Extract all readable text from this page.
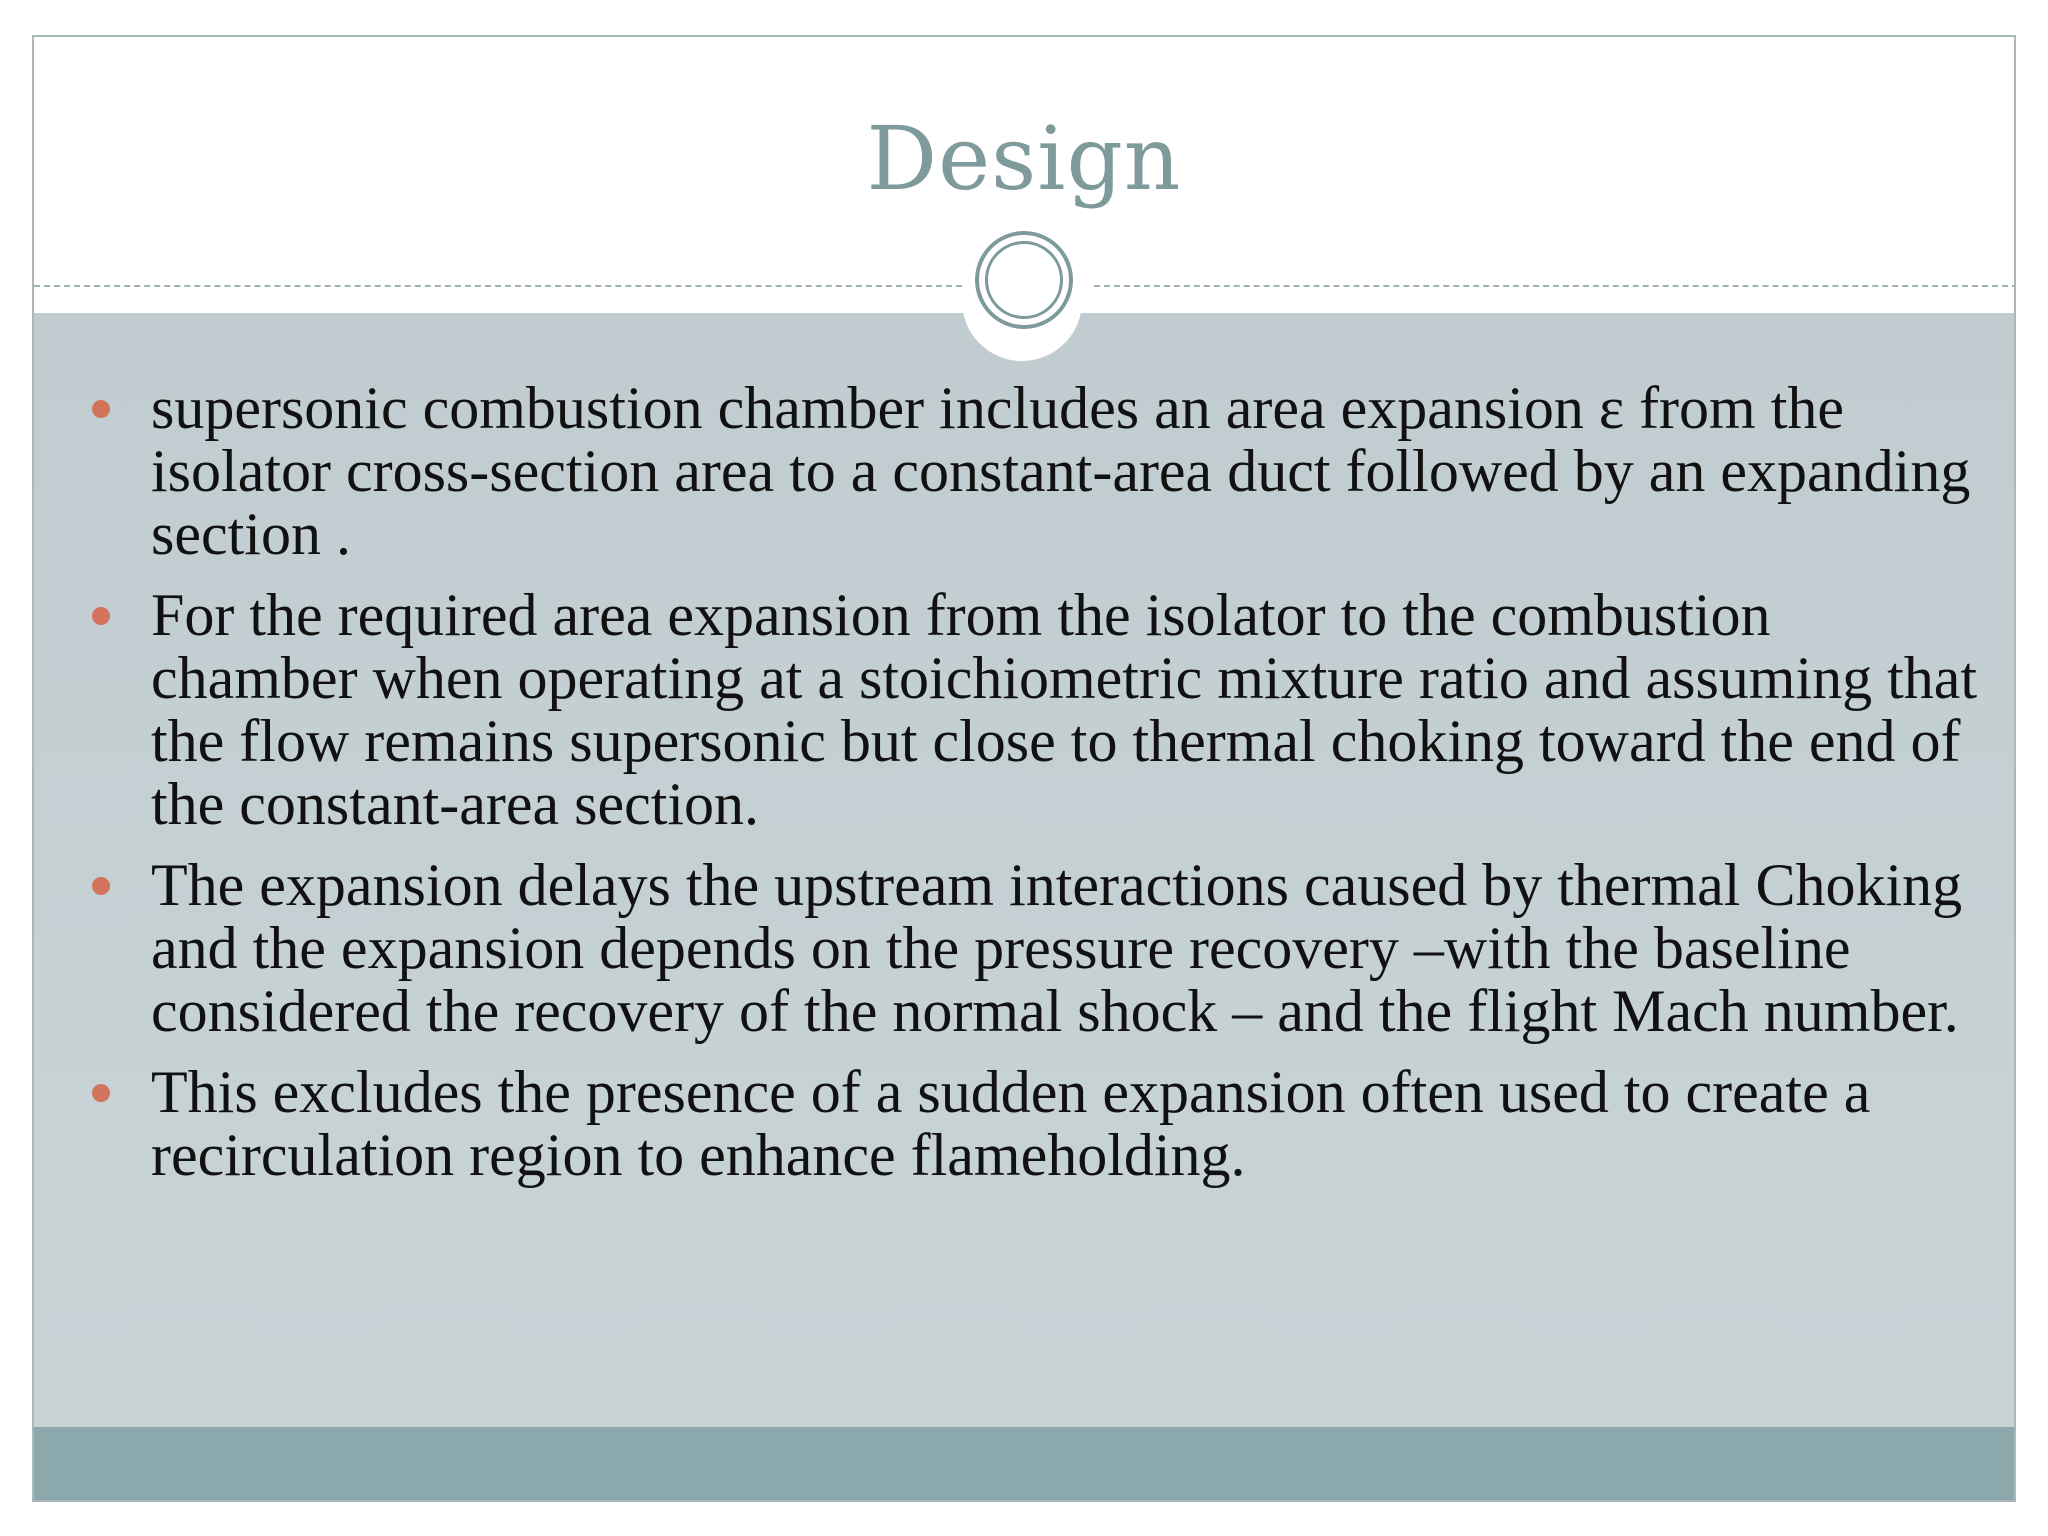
Design
supersonic combustion chamber includes an area expansion ε from the isolator cross-section area to a constant-area duct followed by an expanding section .
For the required area expansion from the isolator to the combustion chamber when operating at a stoichiometric mixture ratio and assuming that the flow remains supersonic but close to thermal choking toward the end of the constant-area section.
The expansion delays the upstream interactions caused by thermal Choking and the expansion depends on the pressure recovery –with the baseline considered the recovery of the normal shock – and the flight Mach number.
This excludes the presence of a sudden expansion often used to create a recirculation region to enhance flameholding.
